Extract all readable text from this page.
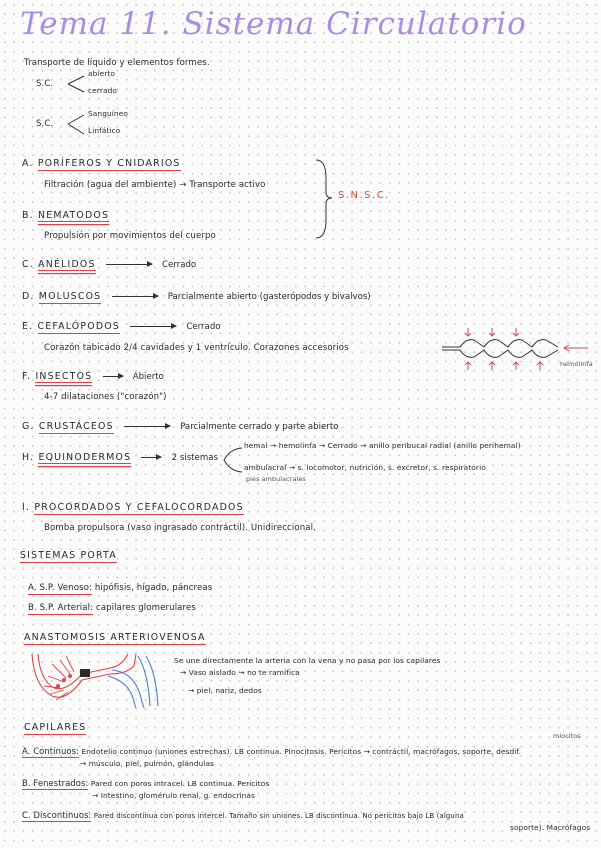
Tema 11. Sistema Circulatorio
Transporte de líquido y elementos formes.
S.C.
abierto
cerrado
S.C.
Sanguíneo
Linfático
A. PORÍFEROS Y CNIDARIOS
Filtración (agua del ambiente) → Transporte activo
B. NEMATODOS
Propulsión por movimientos del cuerpo
S.N.S.C.
C. ANÉLIDOS	Cerrado
D. MOLUSCOS	Parcialmente abierto (gasterópodos y bivalvos)
E. CEFALÓPODOS	Cerrado
Corazón tabicado 2/4 cavidades y 1 ventrículo. Corazones accesorios
hemolinfa
F. INSECTOS	Abierto
4-7 dilataciones ("corazón")
G. CRUSTÁCEOS	Parcialmente cerrado y parte abierto
H. EQUINODERMOS	2 sistemas
hemal → hemolinfa → Cerrado → anillo peribucal radial (anillo perihemal)
ambulacral → s. locomotor, nutrición, s. excretor, s. respiratorio
pies ambulacrales
I. PROCORDADOS Y CEFALOCORDADOS
Bomba propulsora (vaso ingrasado contráctil). Unidireccional.
SISTEMAS PORTA
A. S.P. Venoso: hipófisis, hígado, páncreas
B. S.P. Arterial: capilares glomerulares
ANASTOMOSIS ARTERIOVENOSA
Se une directamente la arteria con la vena y no pasa por los capilares
→ Vaso aislado → no te ramifica
→ piel, nariz, dedos
CAPILARES
miocitos
A. Continuos: Endotelio continuo (uniones estrechas). LB continua. Pinocitosis. Pericitos → contráctil, macrófagos, soporte, desdif.
→ músculo, piel, pulmón, glándulas
B. Fenestrados: Pared con poros intracel. LB continua. Pericitos
→ Intestino, glomérulo renal, g. endocrinas
C. Discontinuos: Pared discontinua con poros intercel. Tamaño sin uniones. LB discontinua. No pericitos bajo LB (alguna
soporte). Macrófagos
